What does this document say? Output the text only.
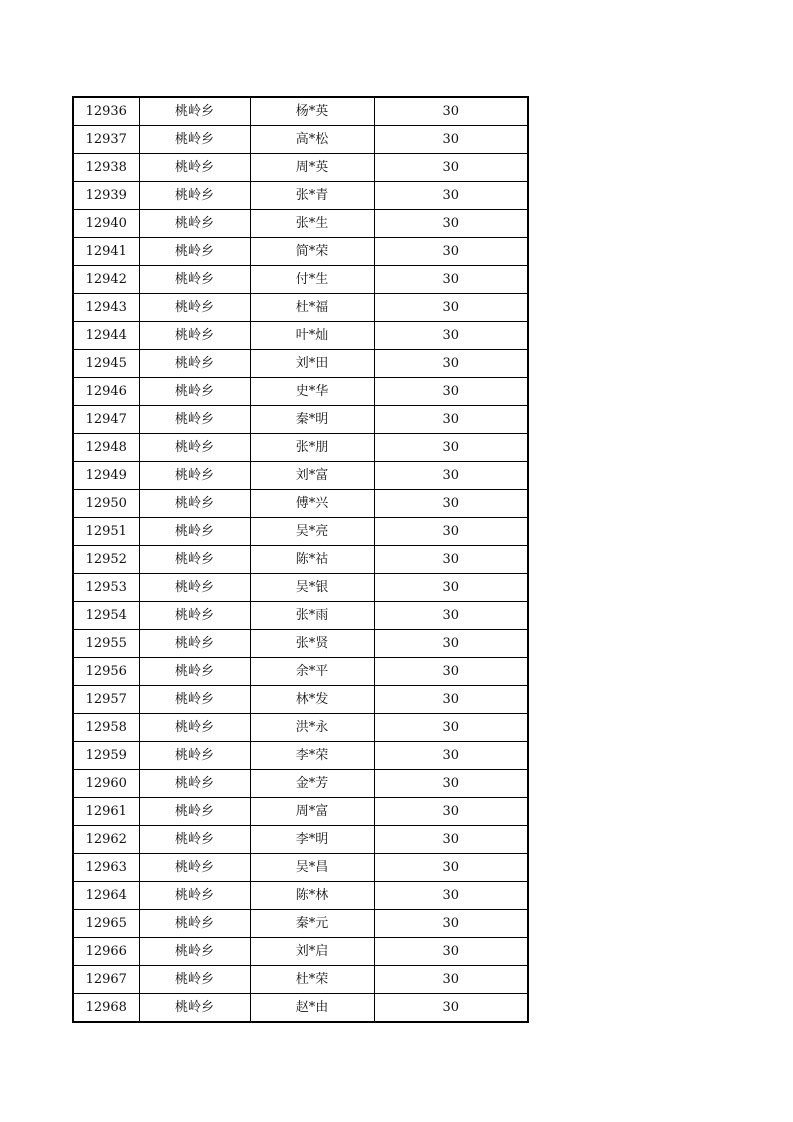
12936	桃岭乡	杨*英	30
12937	桃岭乡	高*松	30
12938	桃岭乡	周*英	30
12939	桃岭乡	张*青	30
12940	桃岭乡	张*生	30
12941	桃岭乡	简*荣	30
12942	桃岭乡	付*生	30
12943	桃岭乡	杜*福	30
12944	桃岭乡	叶*灿	30
12945	桃岭乡	刘*田	30
12946	桃岭乡	史*华	30
12947	桃岭乡	秦*明	30
12948	桃岭乡	张*朋	30
12949	桃岭乡	刘*富	30
12950	桃岭乡	傅*兴	30
12951	桃岭乡	吴*亮	30
12952	桃岭乡	陈*祜	30
12953	桃岭乡	吴*银	30
12954	桃岭乡	张*雨	30
12955	桃岭乡	张*贤	30
12956	桃岭乡	余*平	30
12957	桃岭乡	林*发	30
12958	桃岭乡	洪*永	30
12959	桃岭乡	李*荣	30
12960	桃岭乡	金*芳	30
12961	桃岭乡	周*富	30
12962	桃岭乡	李*明	30
12963	桃岭乡	吴*昌	30
12964	桃岭乡	陈*林	30
12965	桃岭乡	秦*元	30
12966	桃岭乡	刘*启	30
12967	桃岭乡	杜*荣	30
12968	桃岭乡	赵*由	30
